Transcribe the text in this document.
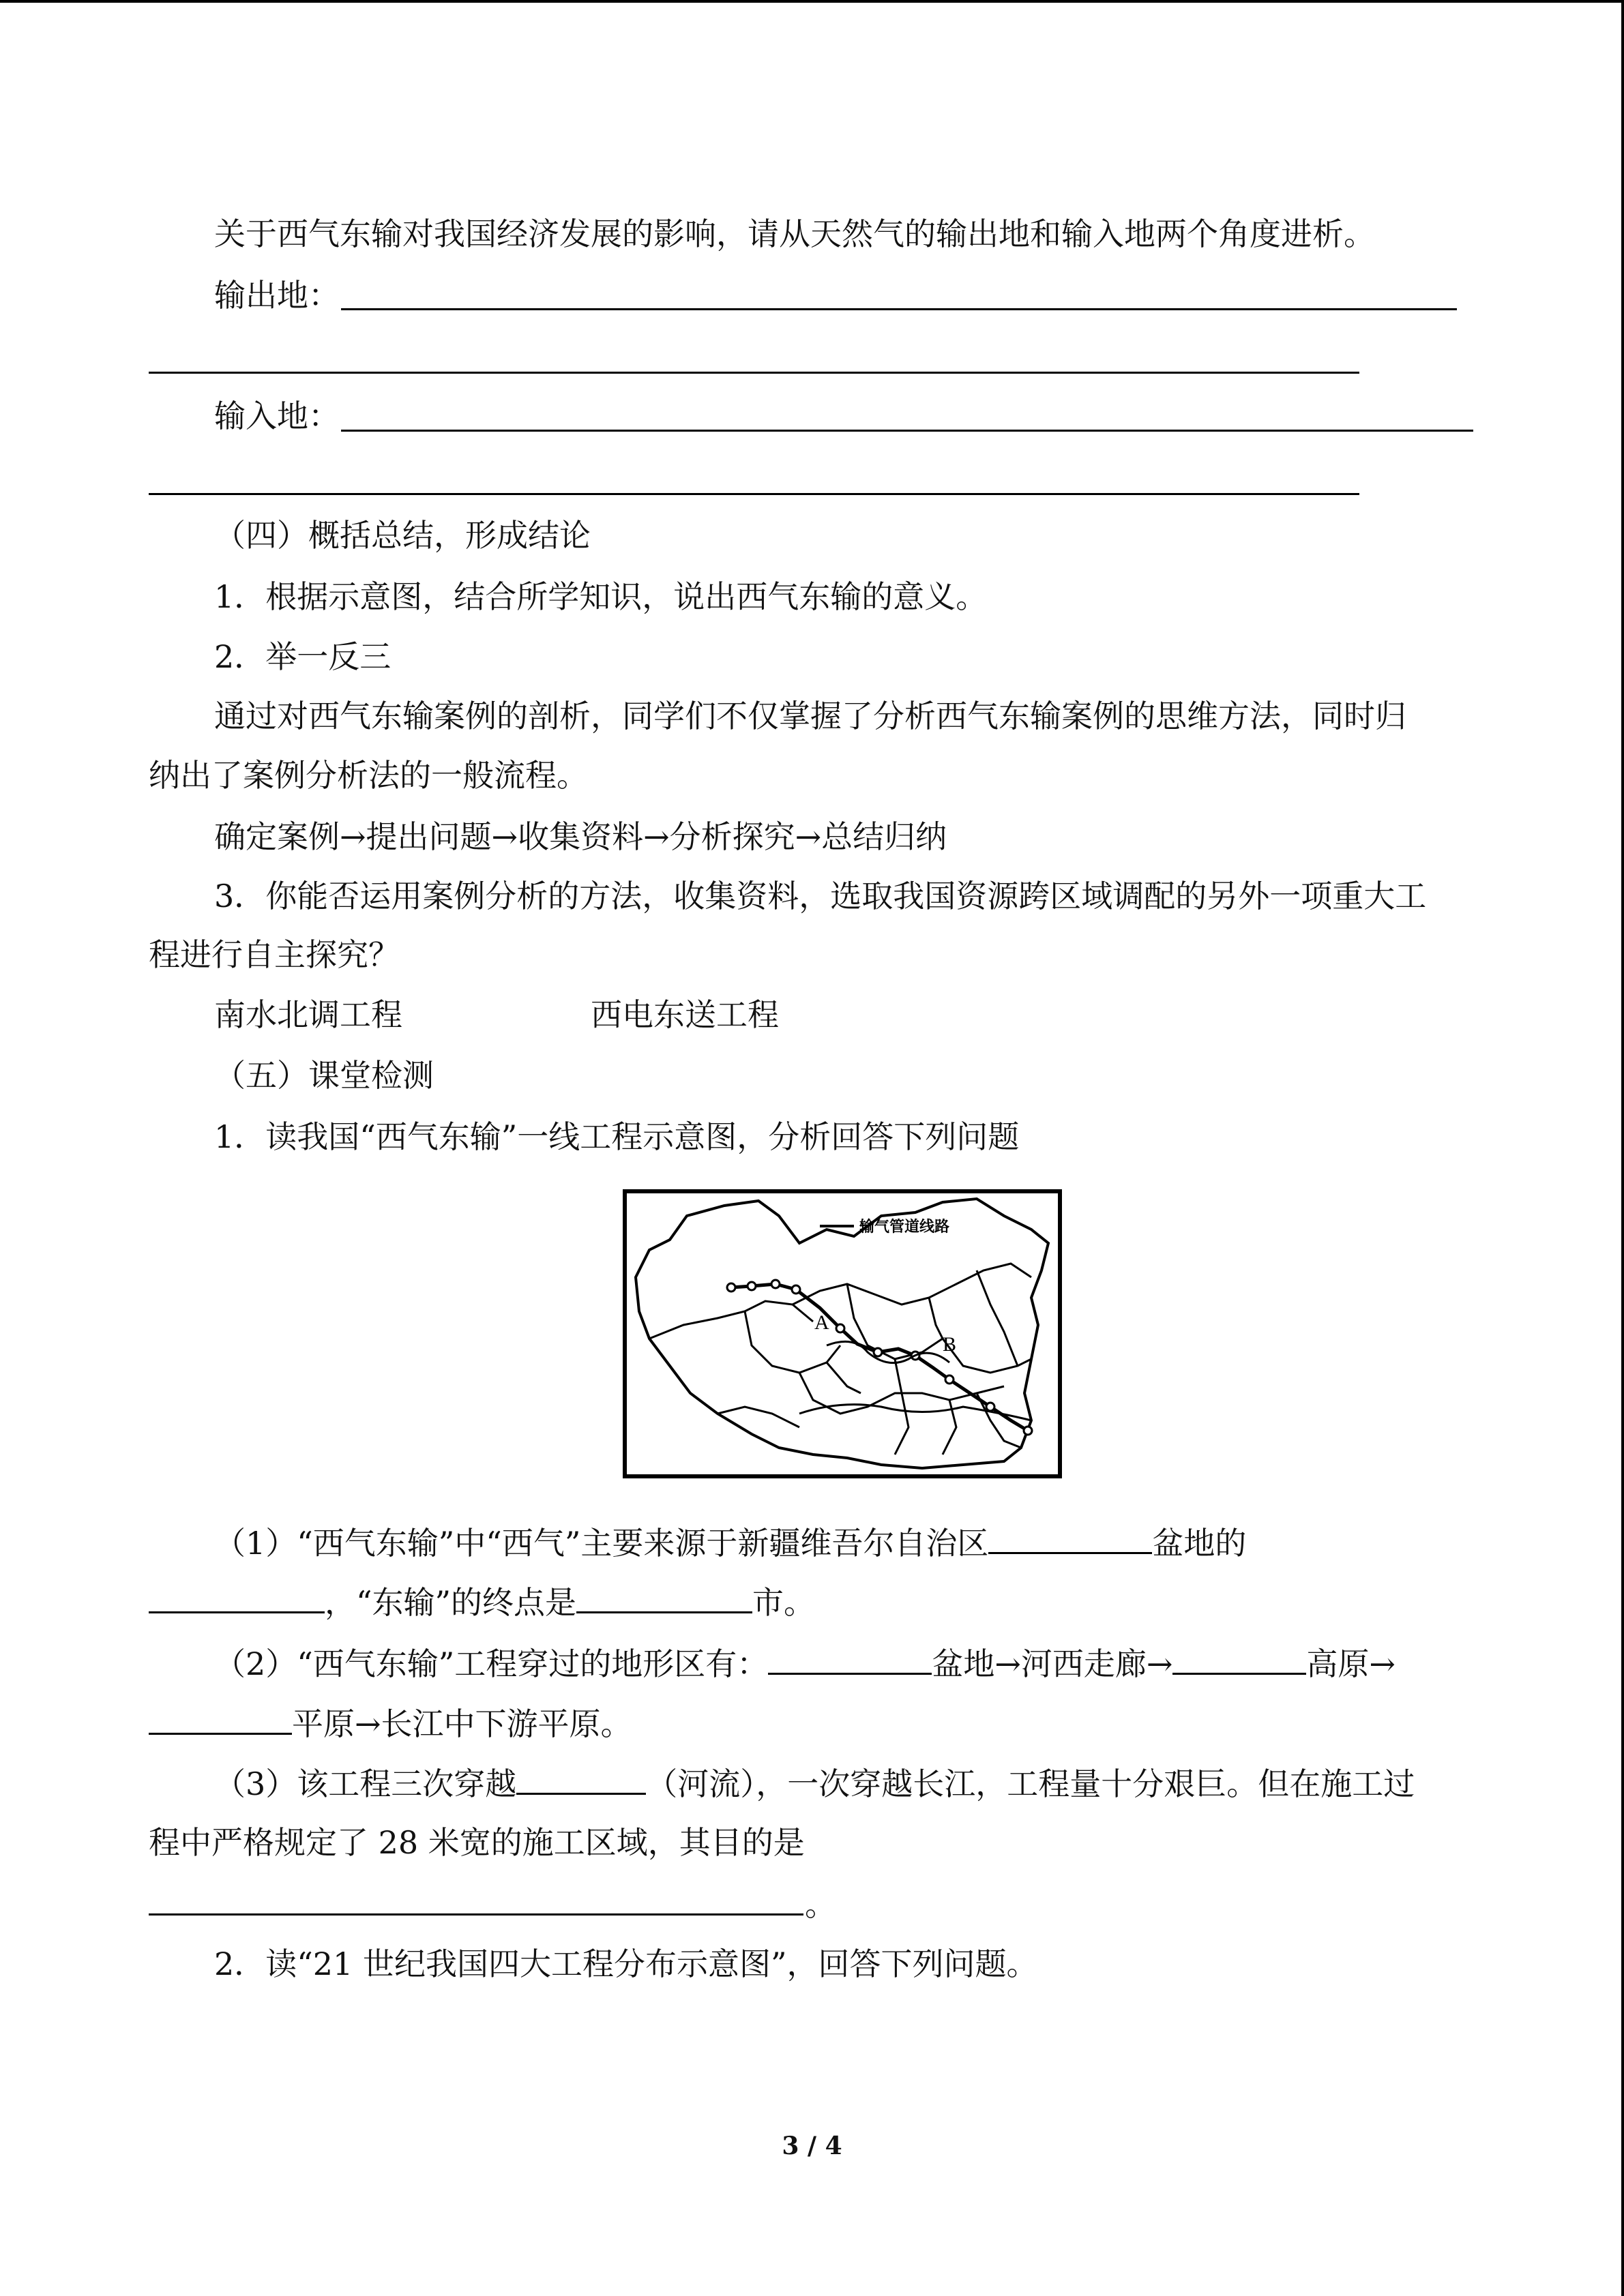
关于西气东输对我国经济发展的影响，请从天然气的输出地和输入地两个角度进析。
输出地：
输入地：
（四）概括总结，形成结论
1．根据示意图，结合所学知识，说出西气东输的意义。
2．举一反三
通过对西气东输案例的剖析，同学们不仅掌握了分析西气东输案例的思维方法，同时归
纳出了案例分析法的一般流程。
确定案例→提出问题→收集资料→分析探究→总结归纳
3．你能否运用案例分析的方法，收集资料，选取我国资源跨区域调配的另外一项重大工
程进行自主探究？
南水北调工程	西电东送工程
（五）课堂检测
1．读我国“西气东输”一线工程示意图，分析回答下列问题
输气管道线路
A
B
（1）“西气东输”中“西气”主要来源于新疆维吾尔自治区	盆地的
，“东输”的终点是	市。
（2）“西气东输”工程穿过的地形区有：	盆地→河西走廊→	高原→
平原→长江中下游平原。
（3）该工程三次穿越	（河流），一次穿越长江，工程量十分艰巨。但在施工过
程中严格规定了 28 米宽的施工区域，其目的是
。
2．读“21 世纪我国四大工程分布示意图”，回答下列问题。
3 / 4
